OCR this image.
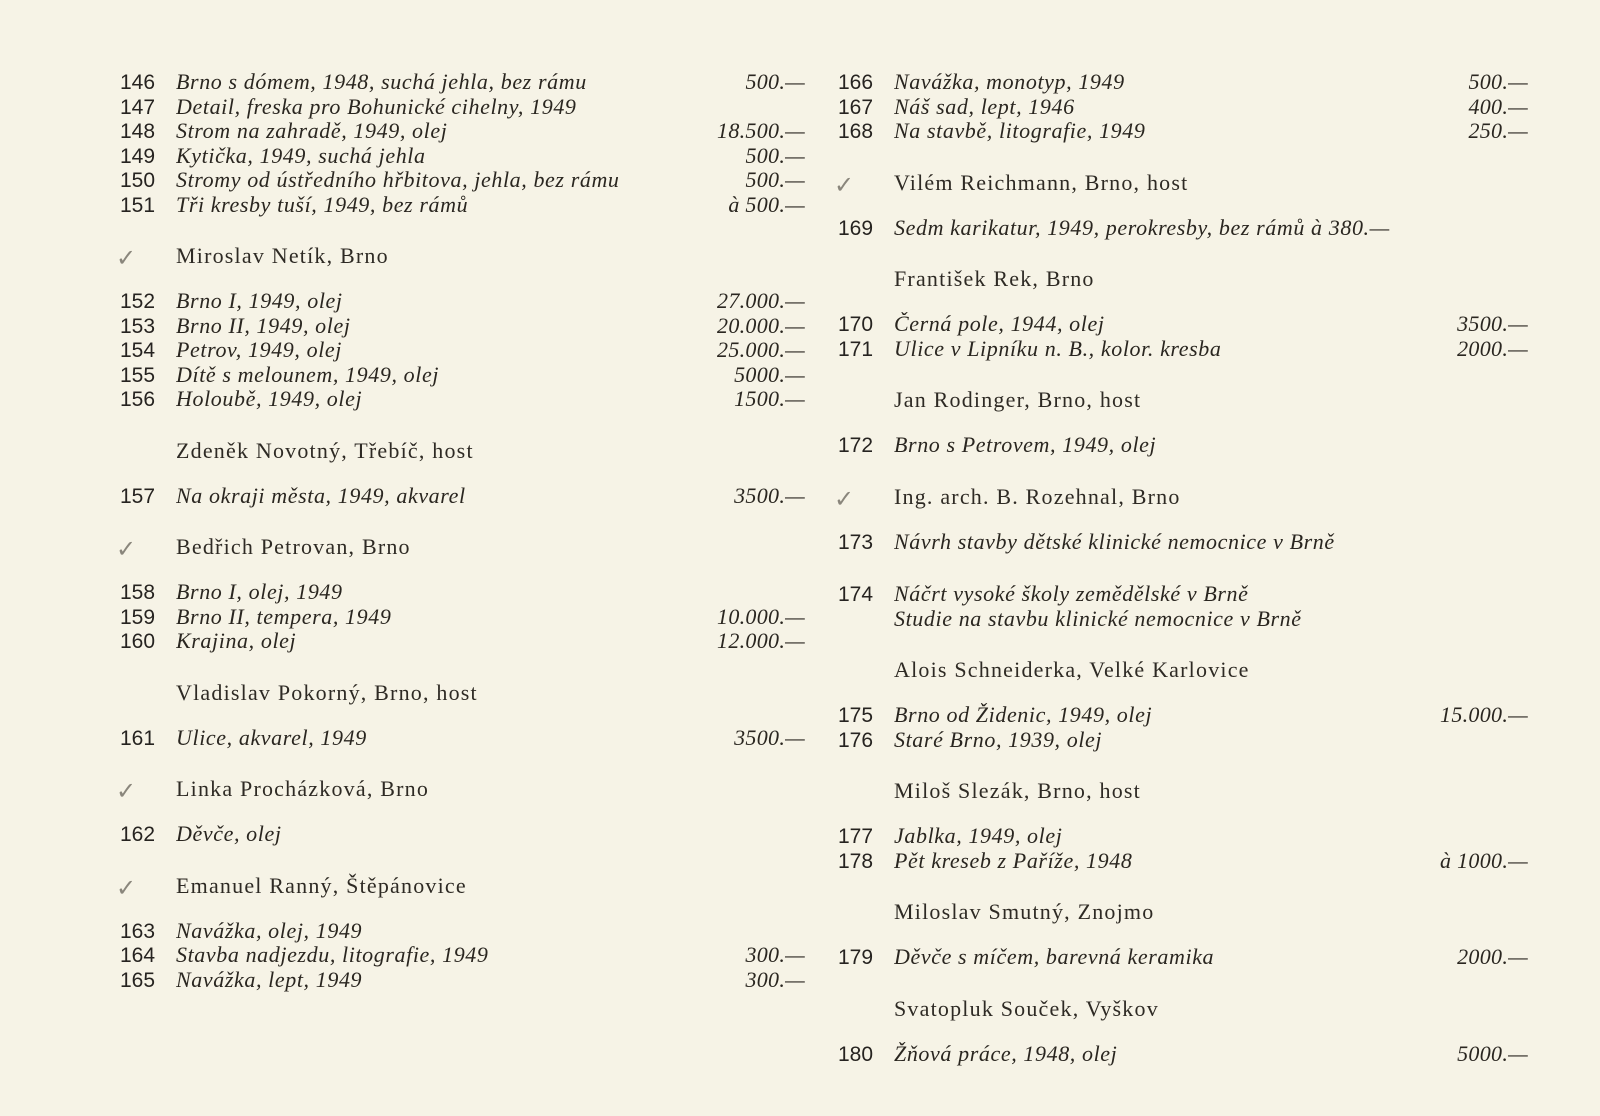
146 Brno s dómem, 1948, suchá jehla, bez rámu	500.—
147 Detail, freska pro Bohunické cihelny, 1949
148 Strom na zahradě, 1949, olej	18.500.—
149 Kytička, 1949, suchá jehla	500.—
150 Stromy od ústředního hřbitova, jehla, bez rámu	500.—
151 Tři kresby tuší, 1949, bez rámů	à 500.—
✓ Miroslav Netík, Brno
152 Brno I, 1949, olej	27.000.—
153 Brno II, 1949, olej	20.000.—
154 Petrov, 1949, olej	25.000.—
155 Dítě s melounem, 1949, olej	5000.—
156 Holoubě, 1949, olej	1500.—
Zdeněk Novotný, Třebíč, host
157 Na okraji města, 1949, akvarel	3500.—
✓ Bedřich Petrovan, Brno
158 Brno I, olej, 1949
159 Brno II, tempera, 1949	10.000.—
160 Krajina, olej	12.000.—
Vladislav Pokorný, Brno, host
161 Ulice, akvarel, 1949	3500.—
✓ Linka Procházková, Brno
162 Děvče, olej
✓ Emanuel Ranný, Štěpánovice
163 Navážka, olej, 1949
164 Stavba nadjezdu, litografie, 1949	300.—
165 Navážka, lept, 1949	300.—
166 Navážka, monotyp, 1949	500.—
167 Náš sad, lept, 1946	400.—
168 Na stavbě, litografie, 1949	250.—
✓ Vilém Reichmann, Brno, host
169 Sedm karikatur, 1949, perokresby, bez rámů à 380.—
František Rek, Brno
170 Černá pole, 1944, olej	3500.—
171 Ulice v Lipníku n. B., kolor. kresba	2000.—
Jan Rodinger, Brno, host
172 Brno s Petrovem, 1949, olej
✓ Ing. arch. B. Rozehnal, Brno
173 Návrh stavby dětské klinické nemocnice v Brně
174 Náčrt vysoké školy zemědělské v Brně
Studie na stavbu klinické nemocnice v Brně
Alois Schneiderka, Velké Karlovice
175 Brno od Židenic, 1949, olej	15.000.—
176 Staré Brno, 1939, olej
Miloš Slezák, Brno, host
177 Jablka, 1949, olej
178 Pět kreseb z Paříže, 1948	à 1000.—
Miloslav Smutný, Znojmo
179 Děvče s míčem, barevná keramika	2000.—
Svatopluk Souček, Vyškov
180 Žňová práce, 1948, olej	5000.—
